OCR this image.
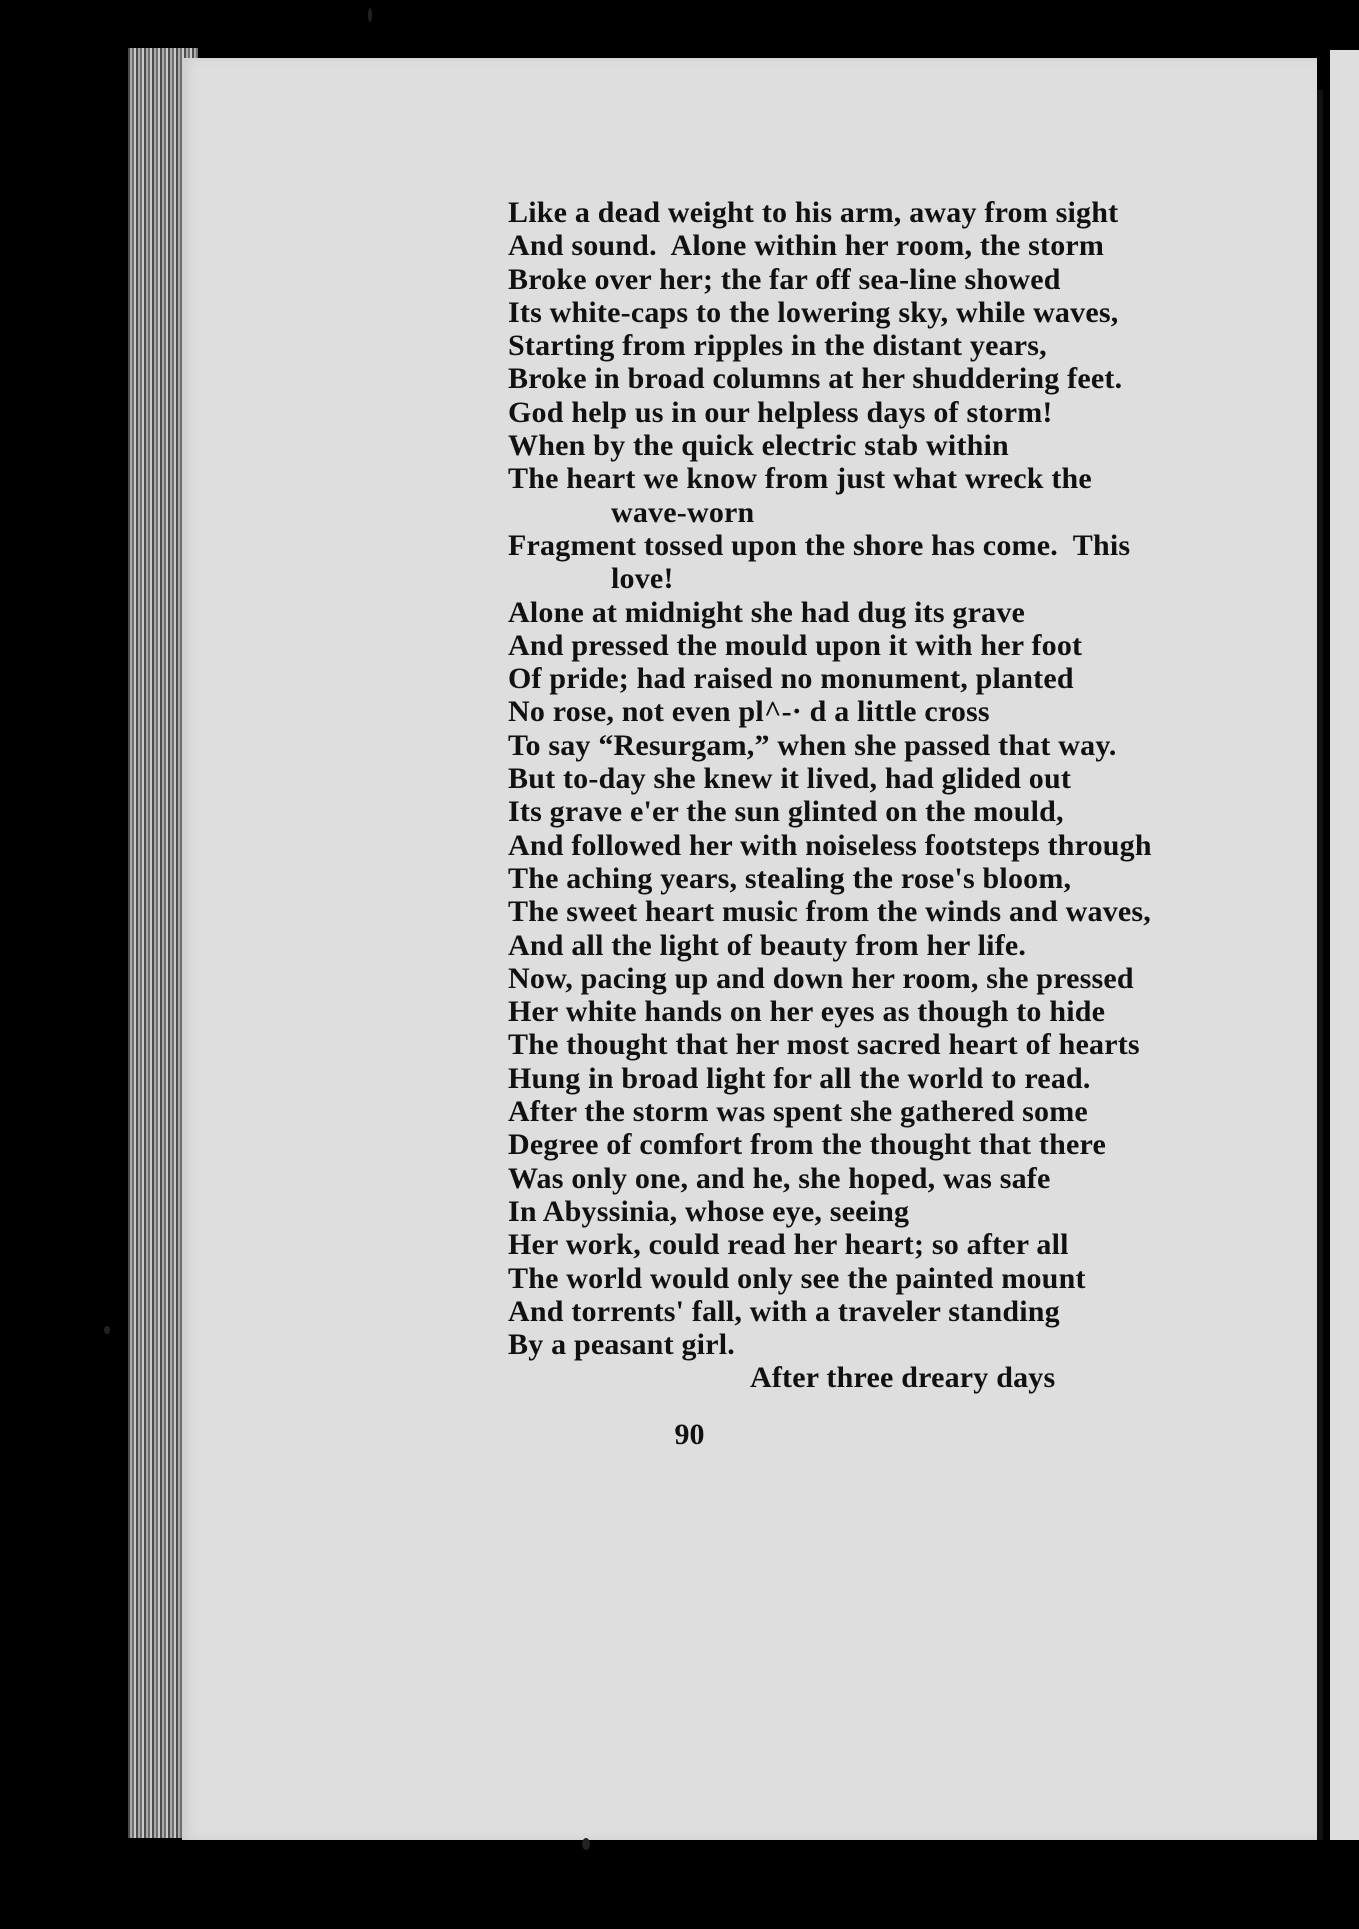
Like a dead weight to his arm, away from sight
And sound.  Alone within her room, the storm
Broke over her; the far off sea-line showed
Its white-caps to the lowering sky, while waves,
Starting from ripples in the distant years,
Broke in broad columns at her shuddering feet.
God help us in our helpless days of storm!
When by the quick electric stab within
The heart we know from just what wreck the
wave-worn
Fragment tossed upon the shore has come.  This
love!
Alone at midnight she had dug its grave
And pressed the mould upon it with her foot
Of pride; had raised no monument, planted
No rose, not even pl^-· d a little cross
To say “Resurgam,” when she passed that way.
But to-day she knew it lived, had glided out
Its grave e'er the sun glinted on the mould,
And followed her with noiseless footsteps through
The aching years, stealing the rose's bloom,
The sweet heart music from the winds and waves,
And all the light of beauty from her life.
Now, pacing up and down her room, she pressed
Her white hands on her eyes as though to hide
The thought that her most sacred heart of hearts
Hung in broad light for all the world to read.
After the storm was spent she gathered some
Degree of comfort from the thought that there
Was only one, and he, she hoped, was safe
In Abyssinia, whose eye, seeing
Her work, could read her heart; so after all
The world would only see the painted mount
And torrents' fall, with a traveler standing
By a peasant girl.
After three dreary days
90
